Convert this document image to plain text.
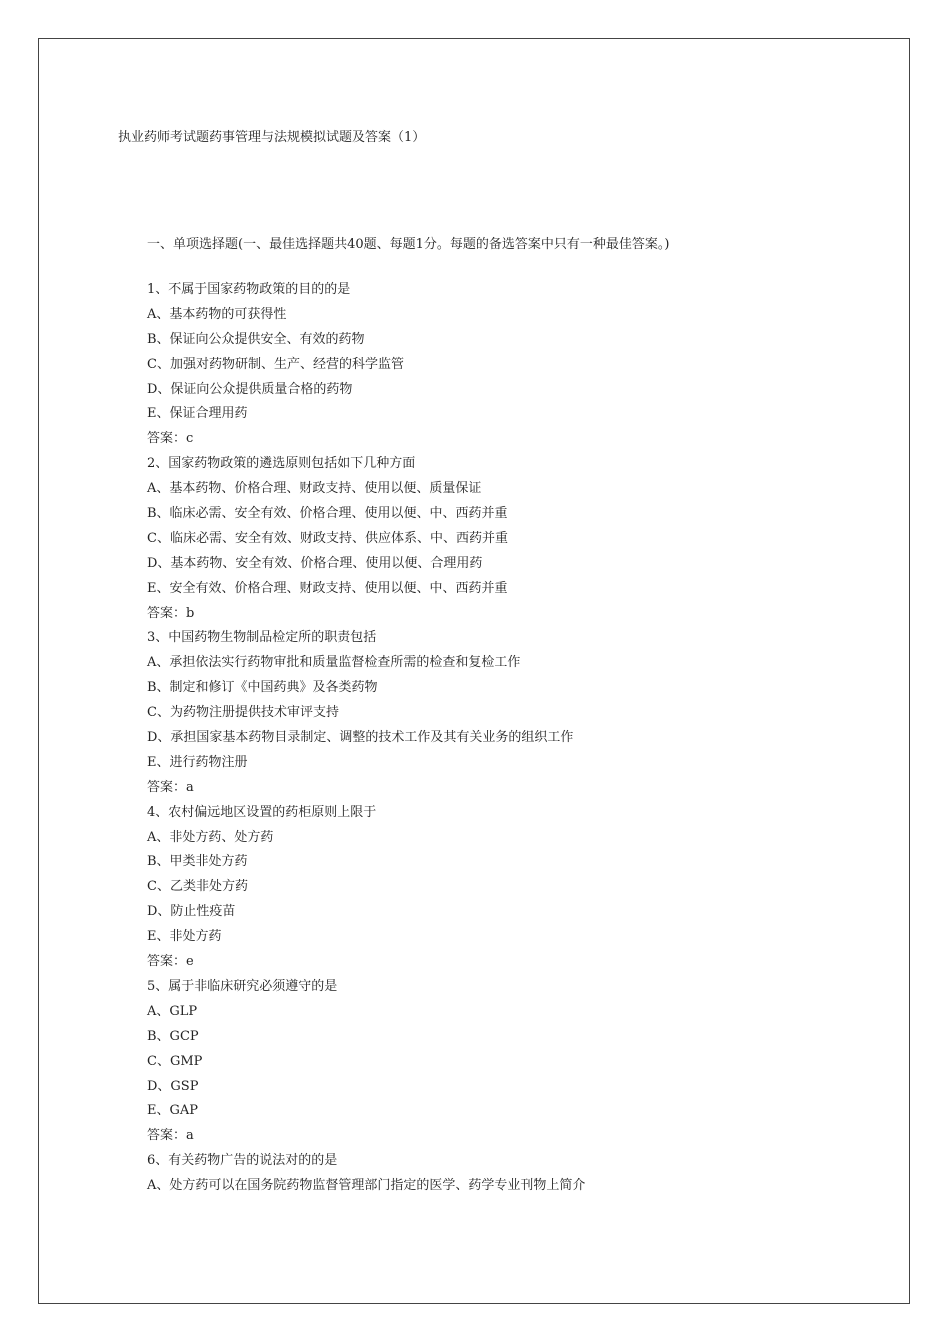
执业药师考试题药事管理与法规模拟试题及答案（1）
一、单项选择题(一、最佳选择题共40题、每题1分。每题的备选答案中只有一种最佳答案。)
1、不属于国家药物政策的目的的是
A、基本药物的可获得性
B、保证向公众提供安全、有效的药物
C、加强对药物研制、生产、经营的科学监管
D、保证向公众提供质量合格的药物
E、保证合理用药
答案：c
2、国家药物政策的遴选原则包括如下几种方面
A、基本药物、价格合理、财政支持、使用以便、质量保证
B、临床必需、安全有效、价格合理、使用以便、中、西药并重
C、临床必需、安全有效、财政支持、供应体系、中、西药并重
D、基本药物、安全有效、价格合理、使用以便、合理用药
E、安全有效、价格合理、财政支持、使用以便、中、西药并重
答案：b
3、中国药物生物制品检定所的职责包括
A、承担依法实行药物审批和质量监督检查所需的检查和复检工作
B、制定和修订《中国药典》及各类药物
C、为药物注册提供技术审评支持
D、承担国家基本药物目录制定、调整的技术工作及其有关业务的组织工作
E、进行药物注册
答案：a
4、农村偏远地区设置的药柜原则上限于
A、非处方药、处方药
B、甲类非处方药
C、乙类非处方药
D、防止性疫苗
E、非处方药
答案：e
5、属于非临床研究必须遵守的是
A、GLP
B、GCP
C、GMP
D、GSP
E、GAP
答案：a
6、有关药物广告的说法对的的是
A、处方药可以在国务院药物监督管理部门指定的医学、药学专业刊物上简介
